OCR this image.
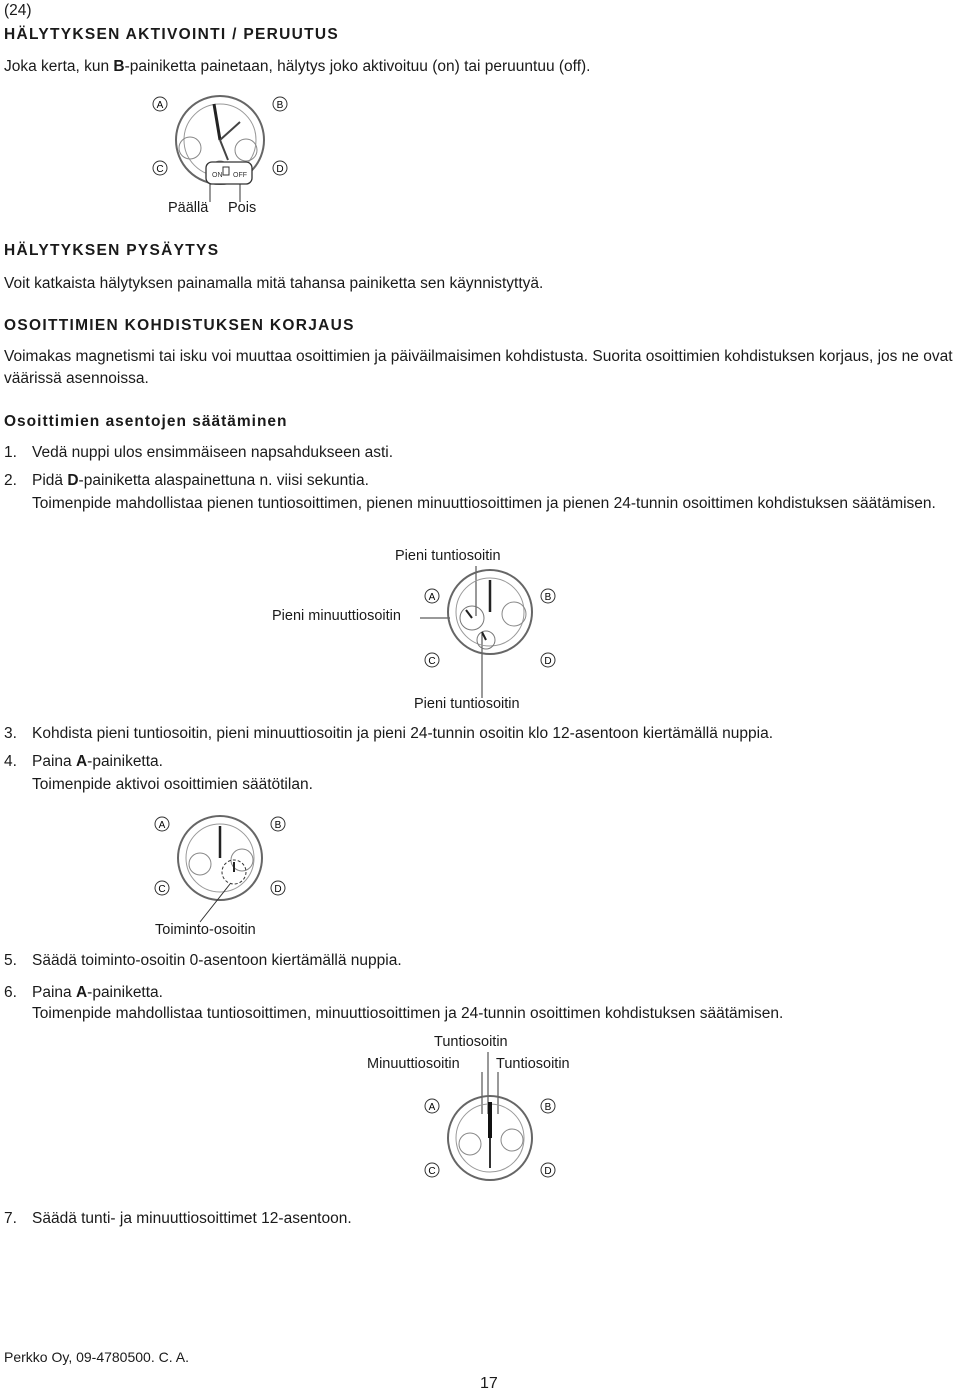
(24)
HÄLYTYKSEN AKTIVOINTI / PERUUTUS
Joka kerta, kun B-painiketta painetaan, hälytys joko aktivoituu (on) tai peruuntuu (off).
ON OFF
A	B
C	D
Päällä Pois
HÄLYTYKSEN PYSÄYTYS
Voit katkaista hälytyksen painamalla mitä tahansa painiketta sen käynnistyttyä.
OSOITTIMIEN KOHDISTUKSEN KORJAUS
Voimakas magnetismi tai isku voi muuttaa osoittimien ja päiväilmaisimen kohdistusta. Suorita osoittimien kohdistuksen korjaus, jos ne ovat väärissä asennoissa.
Osoittimien asentojen säätäminen
1. Vedä nuppi ulos ensimmäiseen napsahdukseen asti.
2. Pidä D-painiketta alaspainettuna n. viisi sekuntia.
Toimenpide mahdollistaa pienen tuntiosoittimen, pienen minuuttiosoittimen ja pienen 24-tunnin osoittimen kohdistuksen säätämisen.
Pieni tuntiosoitin
Pieni minuuttiosoitin
A	B
C	D
Pieni tuntiosoitin
3. Kohdista pieni tuntiosoitin, pieni minuuttiosoitin ja pieni 24-tunnin osoitin klo 12-asentoon kiertämällä nuppia.
4. Paina A-painiketta.
Toimenpide aktivoi osoittimien säätötilan.
A	B
C	D
Toiminto-osoitin
5. Säädä toiminto-osoitin 0-asentoon kiertämällä nuppia.
6. Paina A-painiketta.
Toimenpide mahdollistaa tuntiosoittimen, minuuttiosoittimen ja 24-tunnin osoittimen kohdistuksen säätämisen.
Tuntiosoitin
Minuuttiosoitin	Tuntiosoitin
A	B
C	D
7. Säädä tunti- ja minuuttiosoittimet 12-asentoon.
Perkko Oy, 09-4780500. C. A.
17
